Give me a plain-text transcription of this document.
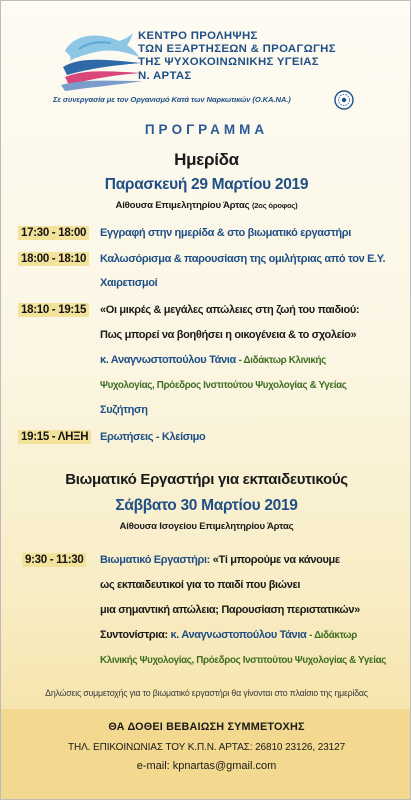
ΚΕΝΤΡΟ ΠΡΟΛΗΨΗΣ
ΤΩΝ ΕΞΑΡΤΗΣΕΩΝ & ΠΡΟΑΓΩΓΗΣ
ΤΗΣ ΨΥΧΟΚΟΙΝΩΝΙΚΗΣ ΥΓΕΙΑΣ
Ν. ΑΡΤΑΣ
Σε συνεργασία με τον Οργανισμό Κατά των Ναρκωτικών (Ο.ΚΑ.ΝΑ.)
ΠΡΟΓΡΑΜΜΑ
Ημερίδα
Παρασκευή 29 Μαρτίου 2019
Αίθουσα Επιμελητηρίου Άρτας (2ος όροφος)
17:30 - 18:00 Εγγραφή στην ημερίδα & στο βιωματικό εργαστήρι
18:00 - 18:10 Καλωσόρισμα & παρουσίαση της ομιλήτριας από τον Ε.Υ.
Χαιρετισμοί
18:10 - 19:15 «Οι μικρές & μεγάλες απώλειες στη ζωή του παιδιού:
Πως μπορεί να βοηθήσει η οικογένεια & το σχολείο»
κ. Αναγνωστοπούλου Τάνια - Διδάκτωρ Κλινικής
Ψυχολογίας, Πρόεδρος Ινστιτούτου Ψυχολογίας & Υγείας
Συζήτηση
19:15 - ΛΗΞΗ Ερωτήσεις - Κλείσιμο
Βιωματικό Εργαστήρι για εκπαιδευτικούς
Σάββατο 30 Μαρτίου 2019
Αίθουσα Ισογείου Επιμελητηρίου Άρτας
9:30 - 11:30 Βιωματικό Εργαστήρι: «Τί μπορούμε να κάνουμε
ως εκπαιδευτικοί για το παιδί που βιώνει
μια σημαντική απώλεια; Παρουσίαση περιστατικών»
Συντονίστρια: κ. Αναγνωστοπούλου Τάνια - Διδάκτωρ
Κλινικής Ψυχολογίας, Πρόεδρος Ινστιτούτου Ψυχολογίας & Υγείας
Δηλώσεις συμμετοχής για το βιωματικό εργαστήρι θα γίνονται στο πλαίσιο της ημερίδας
ΘΑ ΔΟΘΕΙ ΒΕΒΑΙΩΣΗ ΣΥΜΜΕΤΟΧΗΣ
ΤΗΛ. ΕΠΙΚΟΙΝΩΝΙΑΣ ΤΟΥ Κ.Π.Ν. ΑΡΤΑΣ: 26810 23126, 23127
e-mail: kpnartas@gmail.com
